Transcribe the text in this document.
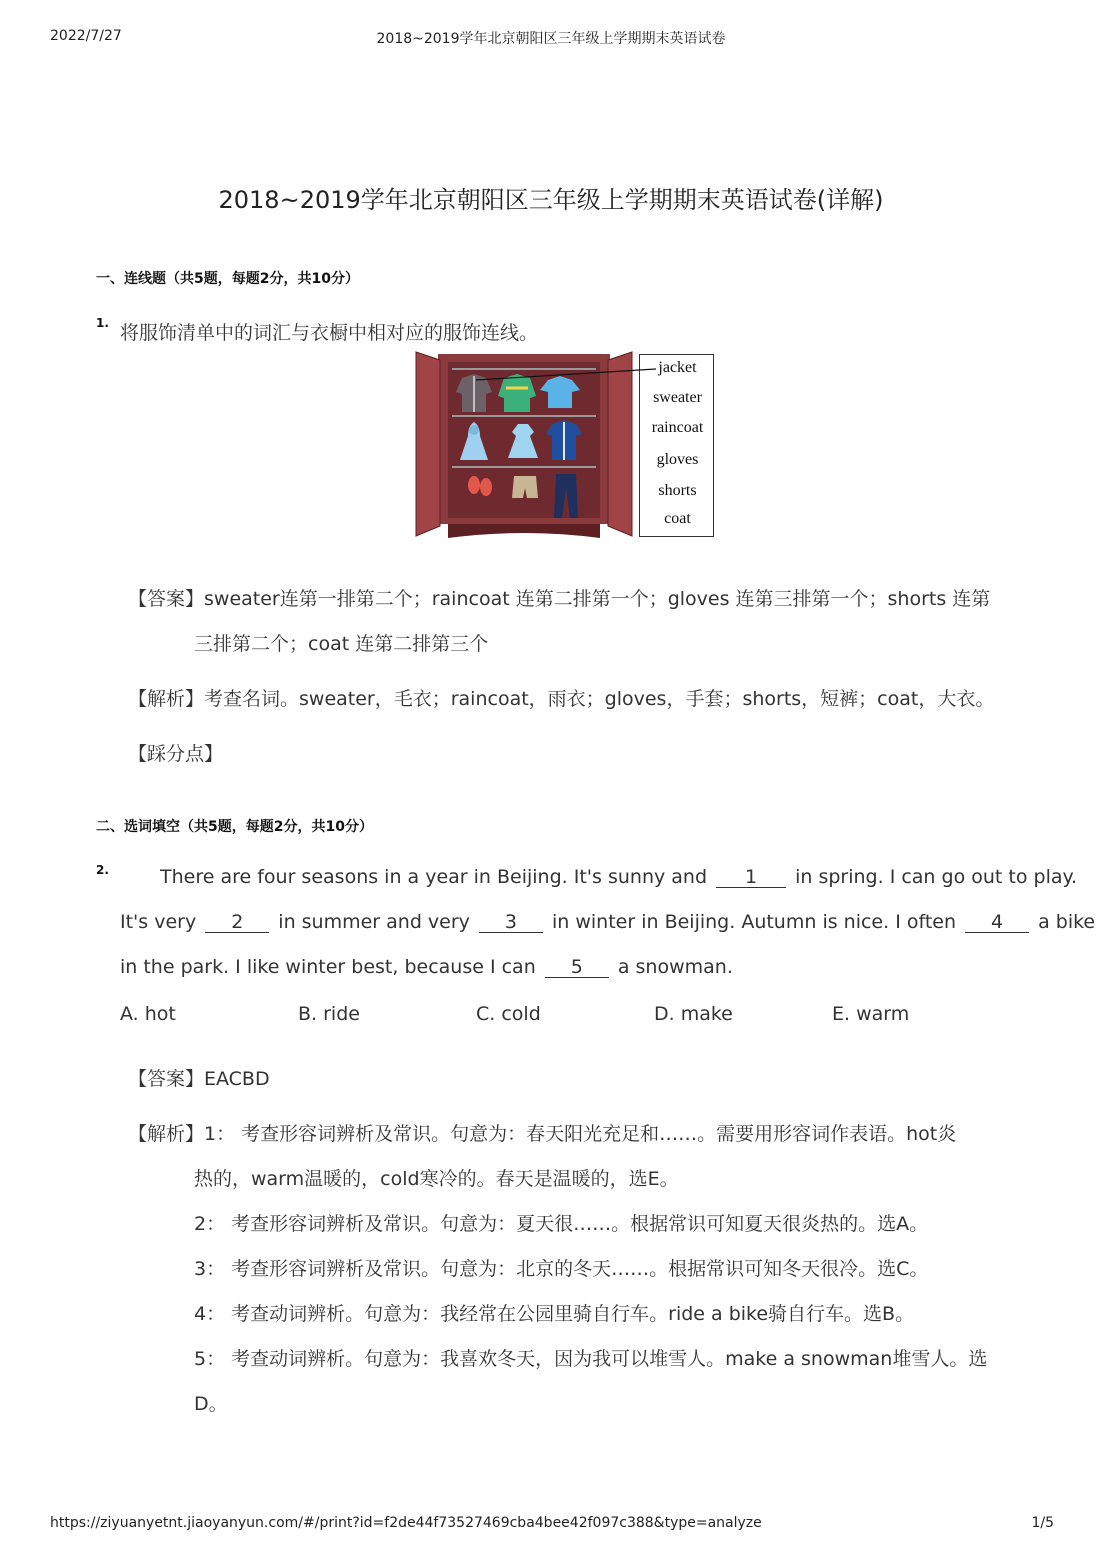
2022/7/27	2018~2019学年北京朝阳区三年级上学期期末英语试卷
2018~2019学年北京朝阳区三年级上学期期末英语试卷(详解)
一、连线题（共5题，每题2分，共10分）
1. 将服饰清单中的词汇与衣橱中相对应的服饰连线。
jacket
sweater
raincoat
gloves
shorts
coat
【答案】sweater连第一排第二个；raincoat 连第二排第一个；gloves 连第三排第一个；shorts 连第
三排第二个；coat 连第二排第三个
【解析】考查名词。sweater，毛衣；raincoat，雨衣；gloves，手套；shorts，短裤；coat，大衣。
【踩分点】
二、选词填空（共5题，每题2分，共10分）
2.	There are four seasons in a year in Beijing. It's sunny and 1 in spring. I can go out to play.
It's very 2 in summer and very 3 in winter in Beijing. Autumn is nice. I often 4 a bike
in the park. I like winter best, because I can 5 a snowman.
A. hot	B. ride	C. cold	D. make	E. warm
【答案】EACBD
【解析】1： 考查形容词辨析及常识。句意为：春天阳光充足和……。需要用形容词作表语。hot炎
热的，warm温暖的，cold寒冷的。春天是温暖的，选E。
2： 考查形容词辨析及常识。句意为：夏天很……。根据常识可知夏天很炎热的。选A。
3： 考查形容词辨析及常识。句意为：北京的冬天……。根据常识可知冬天很冷。选C。
4： 考查动词辨析。句意为：我经常在公园里骑自行车。ride a bike骑自行车。选B。
5： 考查动词辨析。句意为：我喜欢冬天，因为我可以堆雪人。make a snowman堆雪人。选
D。
https://ziyuanyetnt.jiaoyanyun.com/#/print?id=f2de44f73527469cba4bee42f097c388&type=analyze	1/5
